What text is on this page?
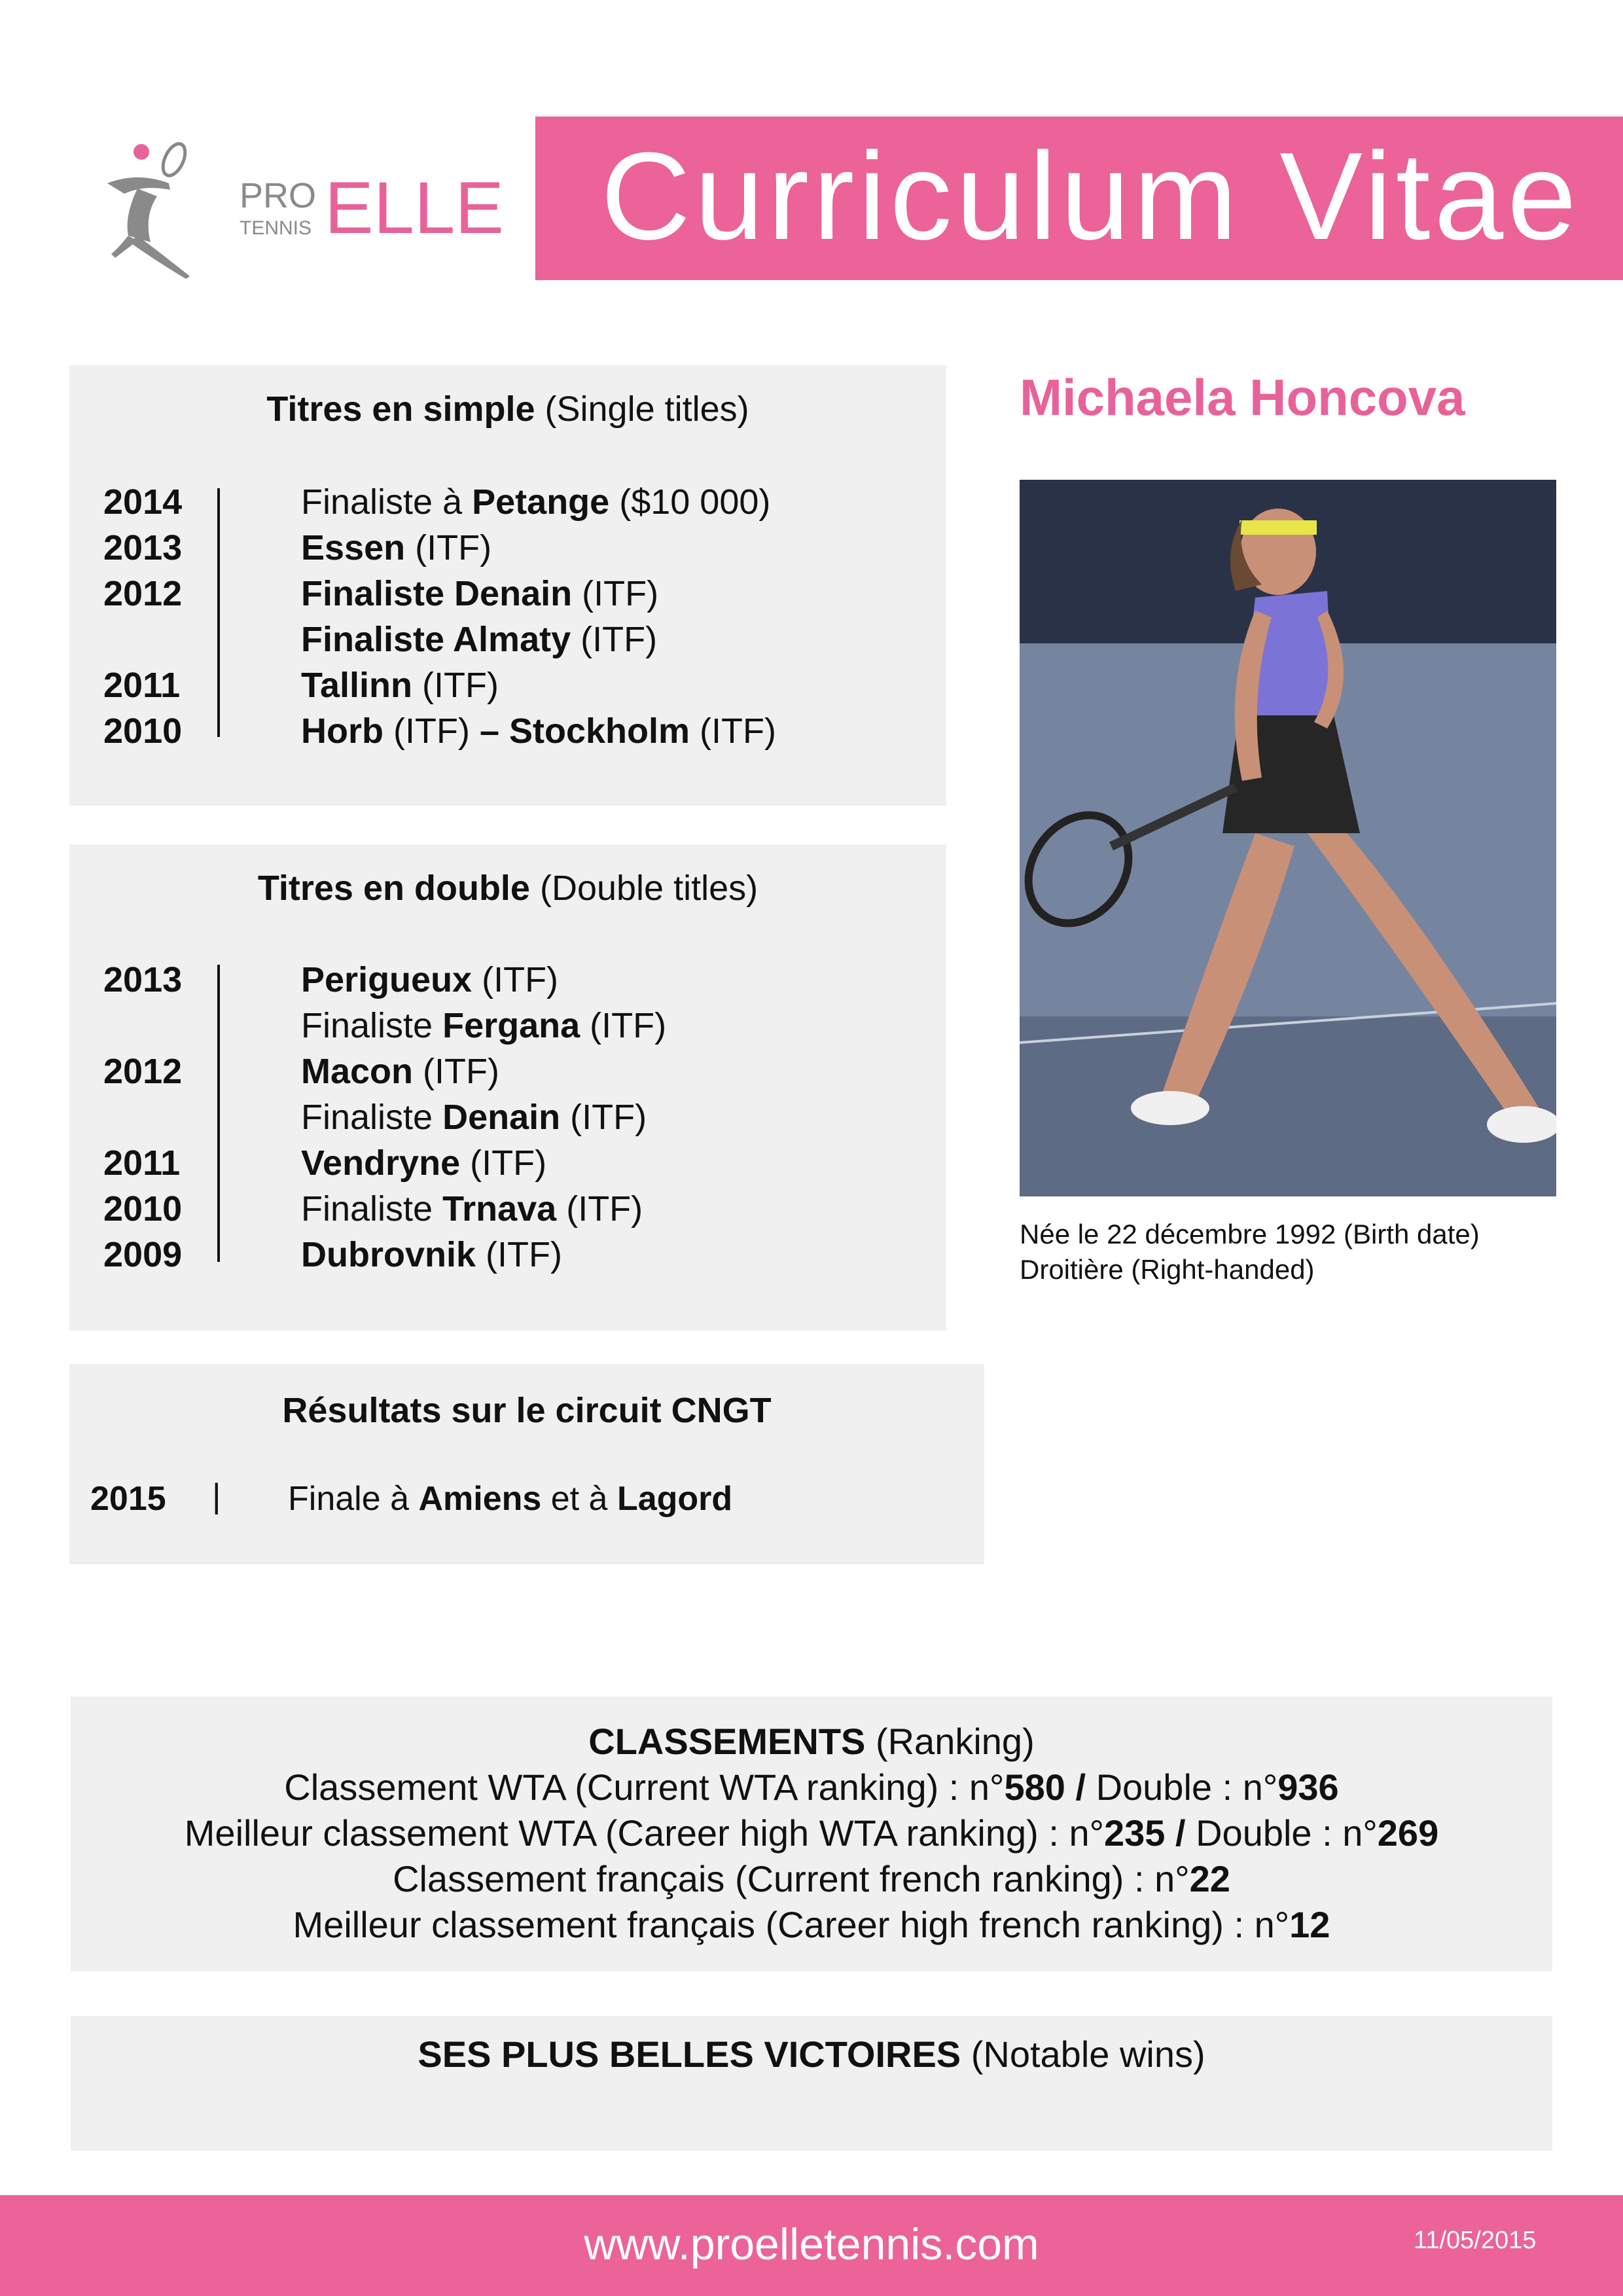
PRO
TENNIS ELLE Curriculum Vitae
Michaela Honcova
Née le 22 décembre 1992 (Birth date)
Droitière (Right-handed)
Titres en simple (Single titles)
2014
2013
2012
2011
2010
Finaliste à Petange ($10 000)
Essen (ITF)
Finaliste Denain (ITF)
Finaliste Almaty (ITF)
Tallinn (ITF)
Horb (ITF) – Stockholm (ITF)
Titres en double (Double titles)
2013
2012
2011
2010
2009
Perigueux (ITF)
Finaliste Fergana (ITF)
Macon (ITF)
Finaliste Denain (ITF)
Vendryne (ITF)
Finaliste Trnava (ITF)
Dubrovnik (ITF)
Résultats sur le circuit CNGT
2015 | Finale à Amiens et à Lagord
CLASSEMENTS (Ranking)
Classement WTA (Current WTA ranking) : n°580 / Double : n°936
Meilleur classement WTA (Career high WTA ranking) : n°235 / Double : n°269
Classement français (Current french ranking) : n°22
Meilleur classement français (Career high french ranking) : n°12
SES PLUS BELLES VICTOIRES (Notable wins)
www.proelletennis.com	11/05/2015
